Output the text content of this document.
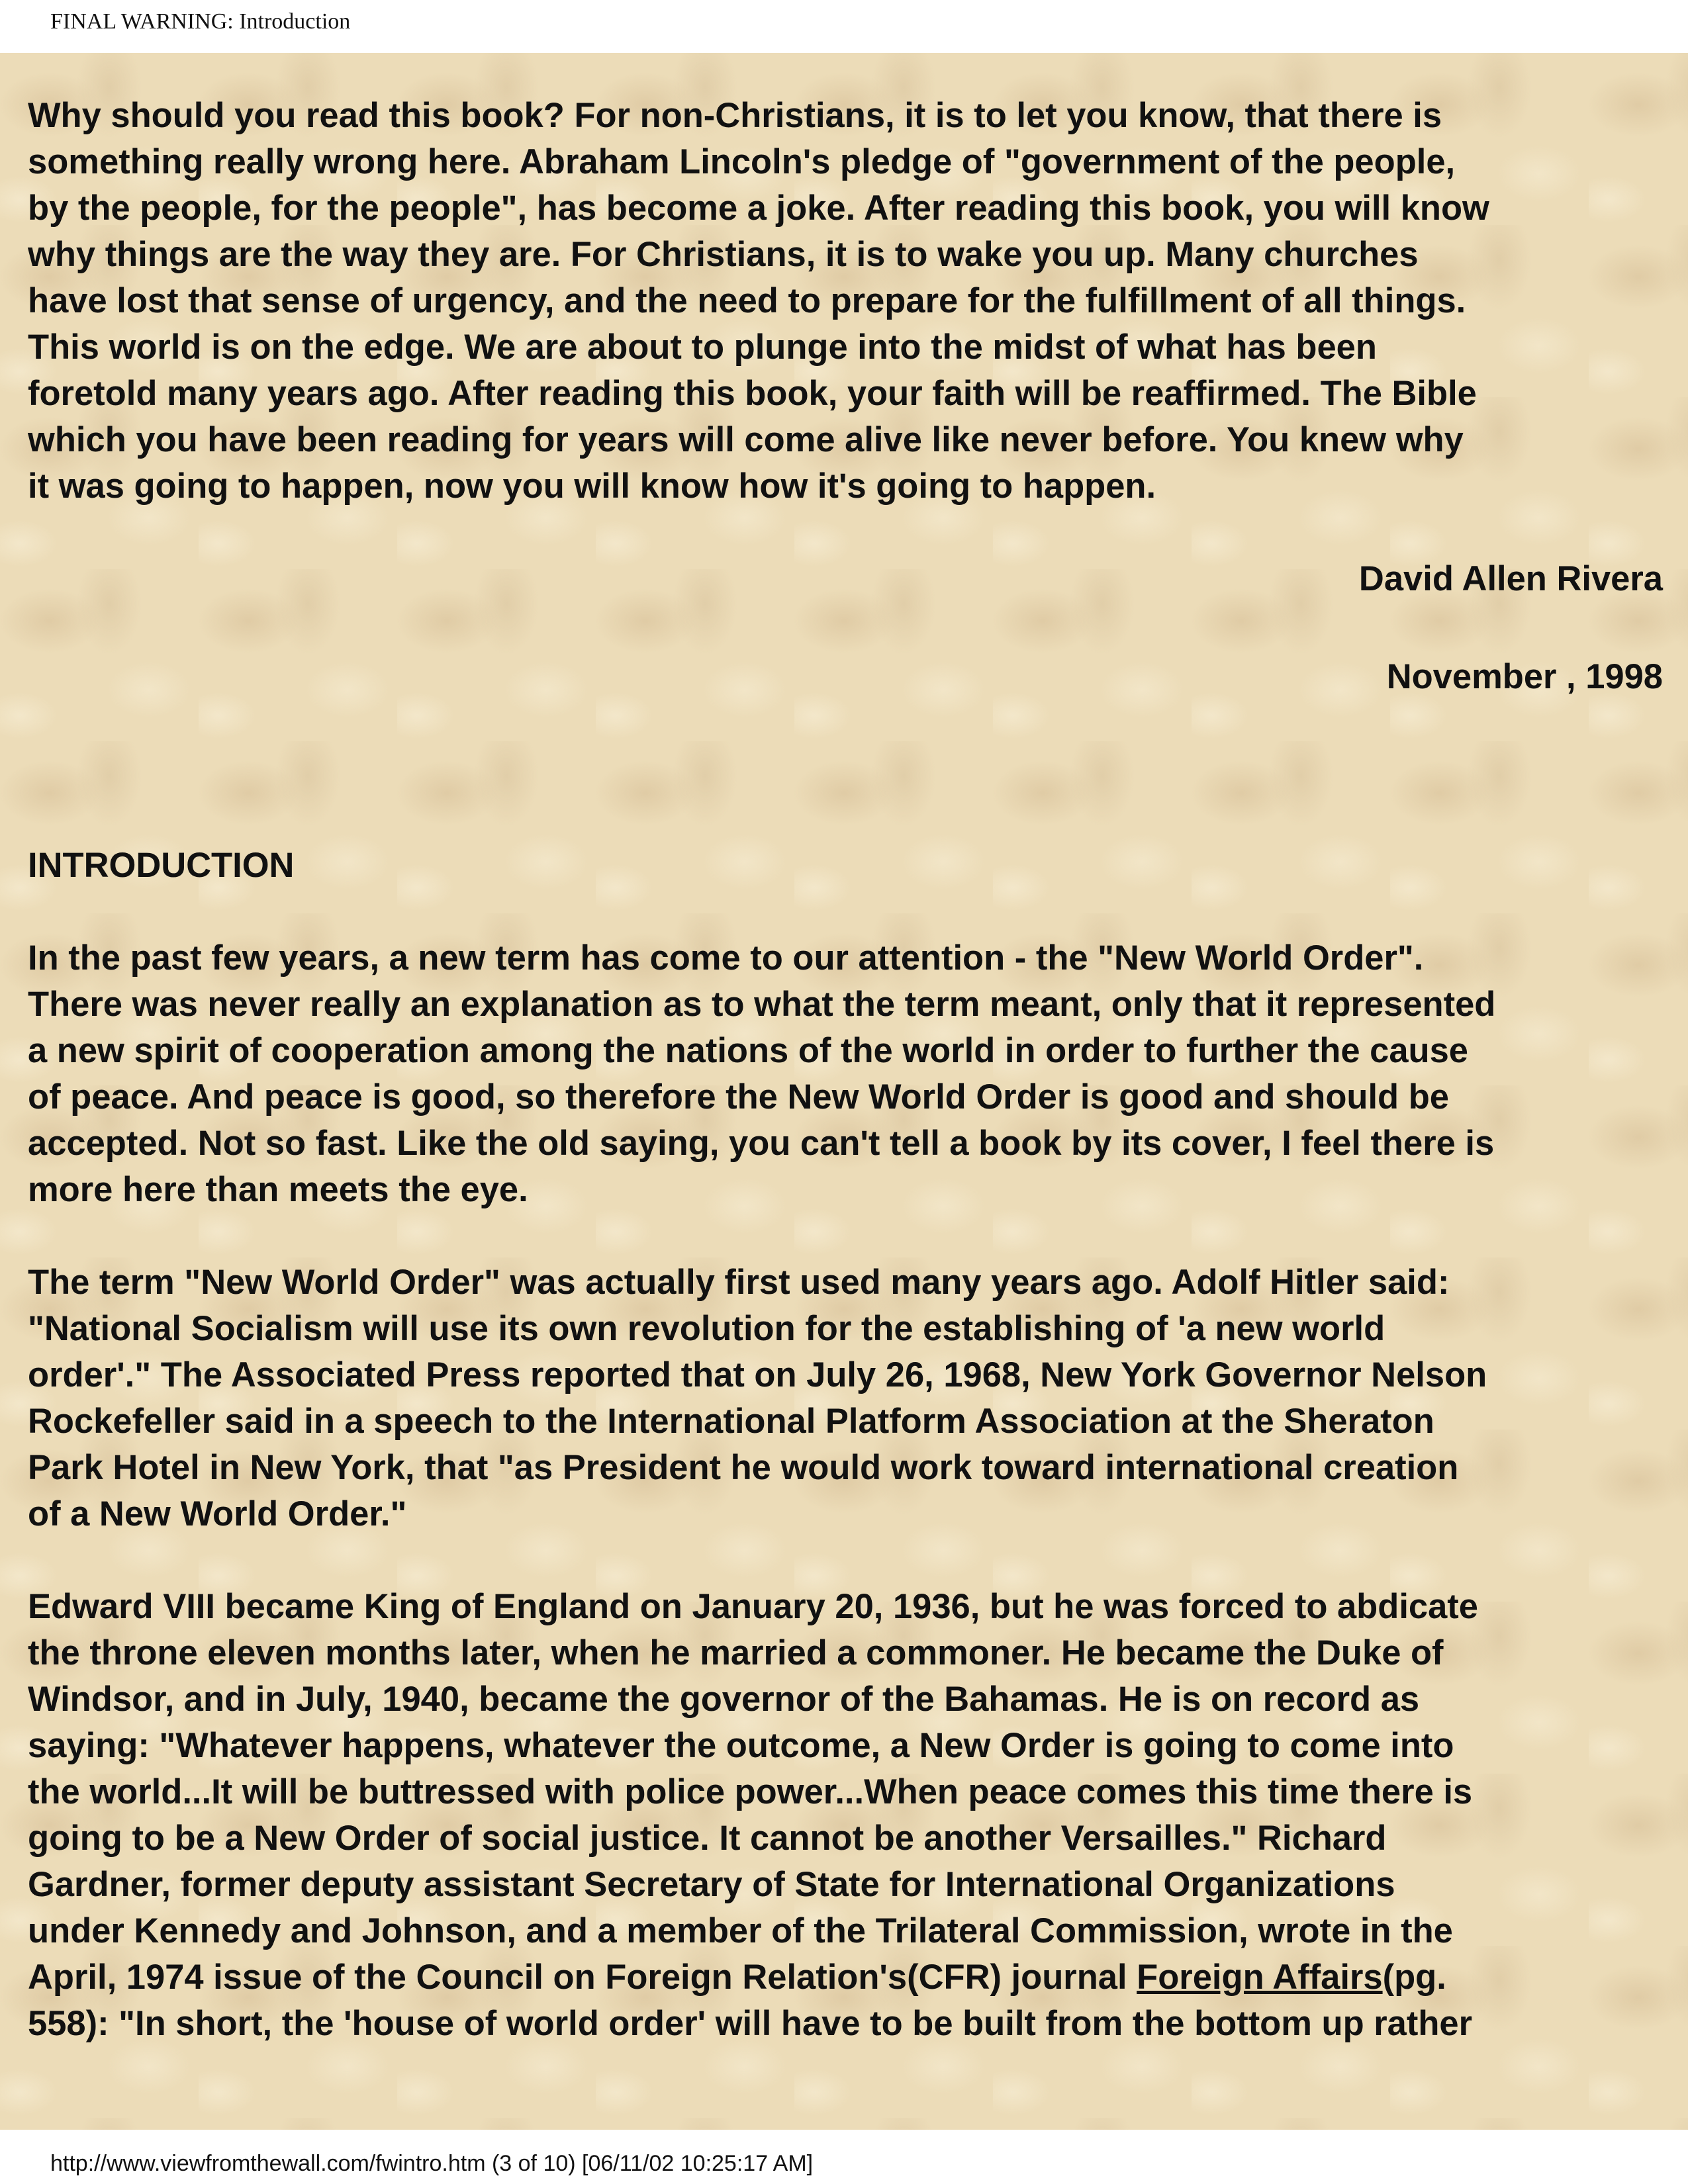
FINAL WARNING: Introduction

Why should you read this book? For non-Christians, it is to let you know, that there is
something really wrong here. Abraham Lincoln's pledge of "government of the people,
by the people, for the people", has become a joke. After reading this book, you will know
why things are the way they are. For Christians, it is to wake you up. Many churches
have lost that sense of urgency, and the need to prepare for the fulfillment of all things.
This world is on the edge. We are about to plunge into the midst of what has been
foretold many years ago. After reading this book, your faith will be reaffirmed. The Bible
which you have been reading for years will come alive like never before. You knew why
it was going to happen, now you will know how it's going to happen.

David Allen Rivera

November , 1998

INTRODUCTION

In the past few years, a new term has come to our attention - the "New World Order".
There was never really an explanation as to what the term meant, only that it represented
a new spirit of cooperation among the nations of the world in order to further the cause
of peace. And peace is good, so therefore the New World Order is good and should be
accepted. Not so fast. Like the old saying, you can't tell a book by its cover, I feel there is
more here than meets the eye.

The term "New World Order" was actually first used many years ago. Adolf Hitler said:
"National Socialism will use its own revolution for the establishing of 'a new world
order'." The Associated Press reported that on July 26, 1968, New York Governor Nelson
Rockefeller said in a speech to the International Platform Association at the Sheraton
Park Hotel in New York, that "as President he would work toward international creation
of a New World Order."

Edward VIII became King of England on January 20, 1936, but he was forced to abdicate
the throne eleven months later, when he married a commoner. He became the Duke of
Windsor, and in July, 1940, became the governor of the Bahamas. He is on record as
saying: "Whatever happens, whatever the outcome, a New Order is going to come into
the world...It will be buttressed with police power...When peace comes this time there is
going to be a New Order of social justice. It cannot be another Versailles." Richard
Gardner, former deputy assistant Secretary of State for International Organizations
under Kennedy and Johnson, and a member of the Trilateral Commission, wrote in the
April, 1974 issue of the Council on Foreign Relation's(CFR) journal Foreign Affairs(pg.
558): "In short, the 'house of world order' will have to be built from the bottom up rather

http://www.viewfromthewall.com/fwintro.htm (3 of 10) [06/11/02 10:25:17 AM]
